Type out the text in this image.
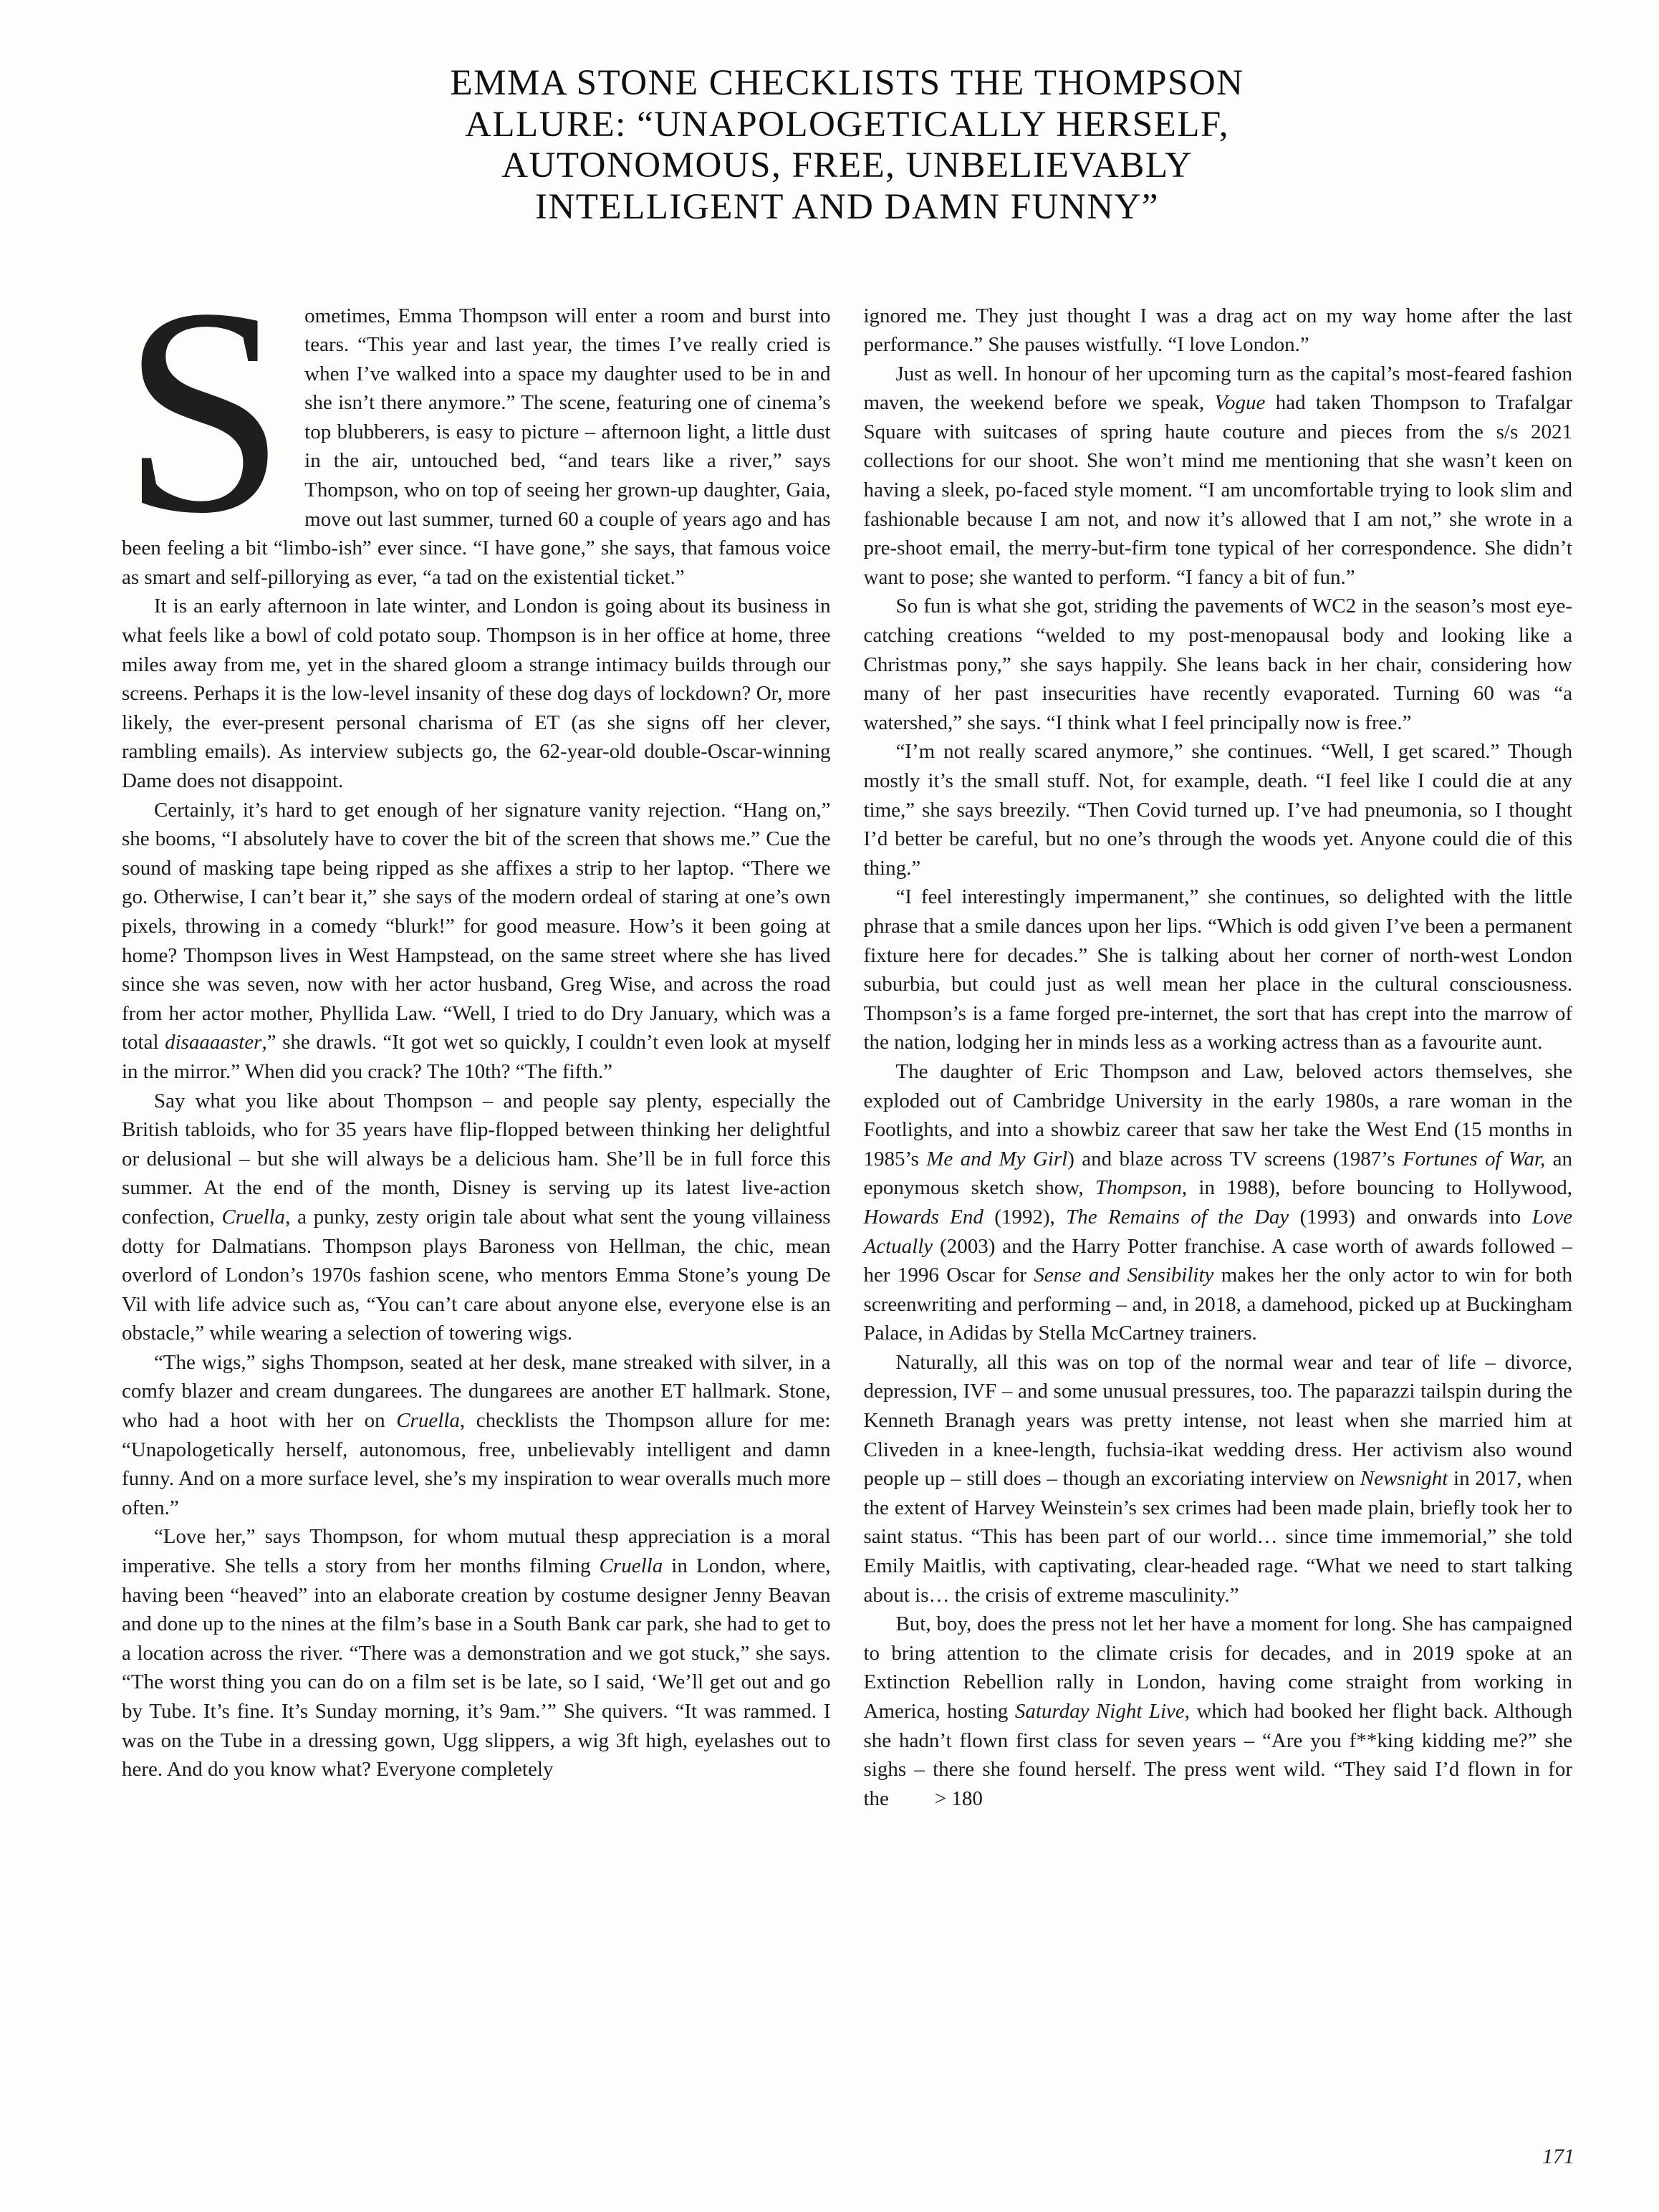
EMMA STONE CHECKLISTS THE THOMPSON
ALLURE: “UNAPOLOGETICALLY HERSELF,
AUTONOMOUS, FREE, UNBELIEVABLY
INTELLIGENT AND DAMN FUNNY”

Sometimes, Emma Thompson will enter a room and burst into tears. “This year and last year, the times I’ve really cried is when I’ve walked into a space my daughter used to be in and she isn’t there anymore.” The scene, featuring one of cinema’s top blubberers, is easy to picture – afternoon light, a little dust in the air, untouched bed, “and tears like a river,” says Thompson, who on top of seeing her grown-up daughter, Gaia, move out last summer, turned 60 a couple of years ago and has been feeling a bit “limbo-ish” ever since. “I have gone,” she says, that famous voice as smart and self-pillorying as ever, “a tad on the existential ticket.”

It is an early afternoon in late winter, and London is going about its business in what feels like a bowl of cold potato soup. Thompson is in her office at home, three miles away from me, yet in the shared gloom a strange intimacy builds through our screens. Perhaps it is the low-level insanity of these dog days of lockdown? Or, more likely, the ever-present personal charisma of ET (as she signs off her clever, rambling emails). As interview subjects go, the 62-year-old double-Oscar-winning Dame does not disappoint.

Certainly, it’s hard to get enough of her signature vanity rejection. “Hang on,” she booms, “I absolutely have to cover the bit of the screen that shows me.” Cue the sound of masking tape being ripped as she affixes a strip to her laptop. “There we go. Otherwise, I can’t bear it,” she says of the modern ordeal of staring at one’s own pixels, throwing in a comedy “blurk!” for good measure. How’s it been going at home? Thompson lives in West Hampstead, on the same street where she has lived since she was seven, now with her actor husband, Greg Wise, and across the road from her actor mother, Phyllida Law. “Well, I tried to do Dry January, which was a total disaaaaster,” she drawls. “It got wet so quickly, I couldn’t even look at myself in the mirror.” When did you crack? The 10th? “The fifth.”

Say what you like about Thompson – and people say plenty, especially the British tabloids, who for 35 years have flip-flopped between thinking her delightful or delusional – but she will always be a delicious ham. She’ll be in full force this summer. At the end of the month, Disney is serving up its latest live-action confection, Cruella, a punky, zesty origin tale about what sent the young villainess dotty for Dalmatians. Thompson plays Baroness von Hellman, the chic, mean overlord of London’s 1970s fashion scene, who mentors Emma Stone’s young De Vil with life advice such as, “You can’t care about anyone else, everyone else is an obstacle,” while wearing a selection of towering wigs.

“The wigs,” sighs Thompson, seated at her desk, mane streaked with silver, in a comfy blazer and cream dungarees. The dungarees are another ET hallmark. Stone, who had a hoot with her on Cruella, checklists the Thompson allure for me: “Unapologetically herself, autonomous, free, unbelievably intelligent and damn funny. And on a more surface level, she’s my inspiration to wear overalls much more often.”

“Love her,” says Thompson, for whom mutual thesp appreciation is a moral imperative. She tells a story from her months filming Cruella in London, where, having been “heaved” into an elaborate creation by costume designer Jenny Beavan and done up to the nines at the film’s base in a South Bank car park, she had to get to a location across the river. “There was a demonstration and we got stuck,” she says. “The worst thing you can do on a film set is be late, so I said, ‘We’ll get out and go by Tube. It’s fine. It’s Sunday morning, it’s 9am.’” She quivers. “It was rammed. I was on the Tube in a dressing gown, Ugg slippers, a wig 3ft high, eyelashes out to here. And do you know what? Everyone completely

ignored me. They just thought I was a drag act on my way home after the last performance.” She pauses wistfully. “I love London.”

Just as well. In honour of her upcoming turn as the capital’s most-feared fashion maven, the weekend before we speak, Vogue had taken Thompson to Trafalgar Square with suitcases of spring haute couture and pieces from the s/s 2021 collections for our shoot. She won’t mind me mentioning that she wasn’t keen on having a sleek, po-faced style moment. “I am uncomfortable trying to look slim and fashionable because I am not, and now it’s allowed that I am not,” she wrote in a pre-shoot email, the merry-but-firm tone typical of her correspondence. She didn’t want to pose; she wanted to perform. “I fancy a bit of fun.”

So fun is what she got, striding the pavements of WC2 in the season’s most eye-catching creations “welded to my post-menopausal body and looking like a Christmas pony,” she says happily. She leans back in her chair, considering how many of her past insecurities have recently evaporated. Turning 60 was “a watershed,” she says. “I think what I feel principally now is free.”

“I’m not really scared anymore,” she continues. “Well, I get scared.” Though mostly it’s the small stuff. Not, for example, death. “I feel like I could die at any time,” she says breezily. “Then Covid turned up. I’ve had pneumonia, so I thought I’d better be careful, but no one’s through the woods yet. Anyone could die of this thing.”

“I feel interestingly impermanent,” she continues, so delighted with the little phrase that a smile dances upon her lips. “Which is odd given I’ve been a permanent fixture here for decades.” She is talking about her corner of north-west London suburbia, but could just as well mean her place in the cultural consciousness. Thompson’s is a fame forged pre-internet, the sort that has crept into the marrow of the nation, lodging her in minds less as a working actress than as a favourite aunt.

The daughter of Eric Thompson and Law, beloved actors themselves, she exploded out of Cambridge University in the early 1980s, a rare woman in the Footlights, and into a showbiz career that saw her take the West End (15 months in 1985’s Me and My Girl) and blaze across TV screens (1987’s Fortunes of War, an eponymous sketch show, Thompson, in 1988), before bouncing to Hollywood, Howards End (1992), The Remains of the Day (1993) and onwards into Love Actually (2003) and the Harry Potter franchise. A case worth of awards followed – her 1996 Oscar for Sense and Sensibility makes her the only actor to win for both screenwriting and performing – and, in 2018, a damehood, picked up at Buckingham Palace, in Adidas by Stella McCartney trainers.

Naturally, all this was on top of the normal wear and tear of life – divorce, depression, IVF – and some unusual pressures, too. The paparazzi tailspin during the Kenneth Branagh years was pretty intense, not least when she married him at Cliveden in a knee-length, fuchsia-ikat wedding dress. Her activism also wound people up – still does – though an excoriating interview on Newsnight in 2017, when the extent of Harvey Weinstein’s sex crimes had been made plain, briefly took her to saint status. “This has been part of our world… since time immemorial,” she told Emily Maitlis, with captivating, clear-headed rage. “What we need to start talking about is… the crisis of extreme masculinity.”

But, boy, does the press not let her have a moment for long. She has campaigned to bring attention to the climate crisis for decades, and in 2019 spoke at an Extinction Rebellion rally in London, having come straight from working in America, hosting Saturday Night Live, which had booked her flight back. Although she hadn’t flown first class for seven years – “Are you f**king kidding me?” she sighs – there she found herself. The press went wild. “They said I’d flown in for the > 180

171
